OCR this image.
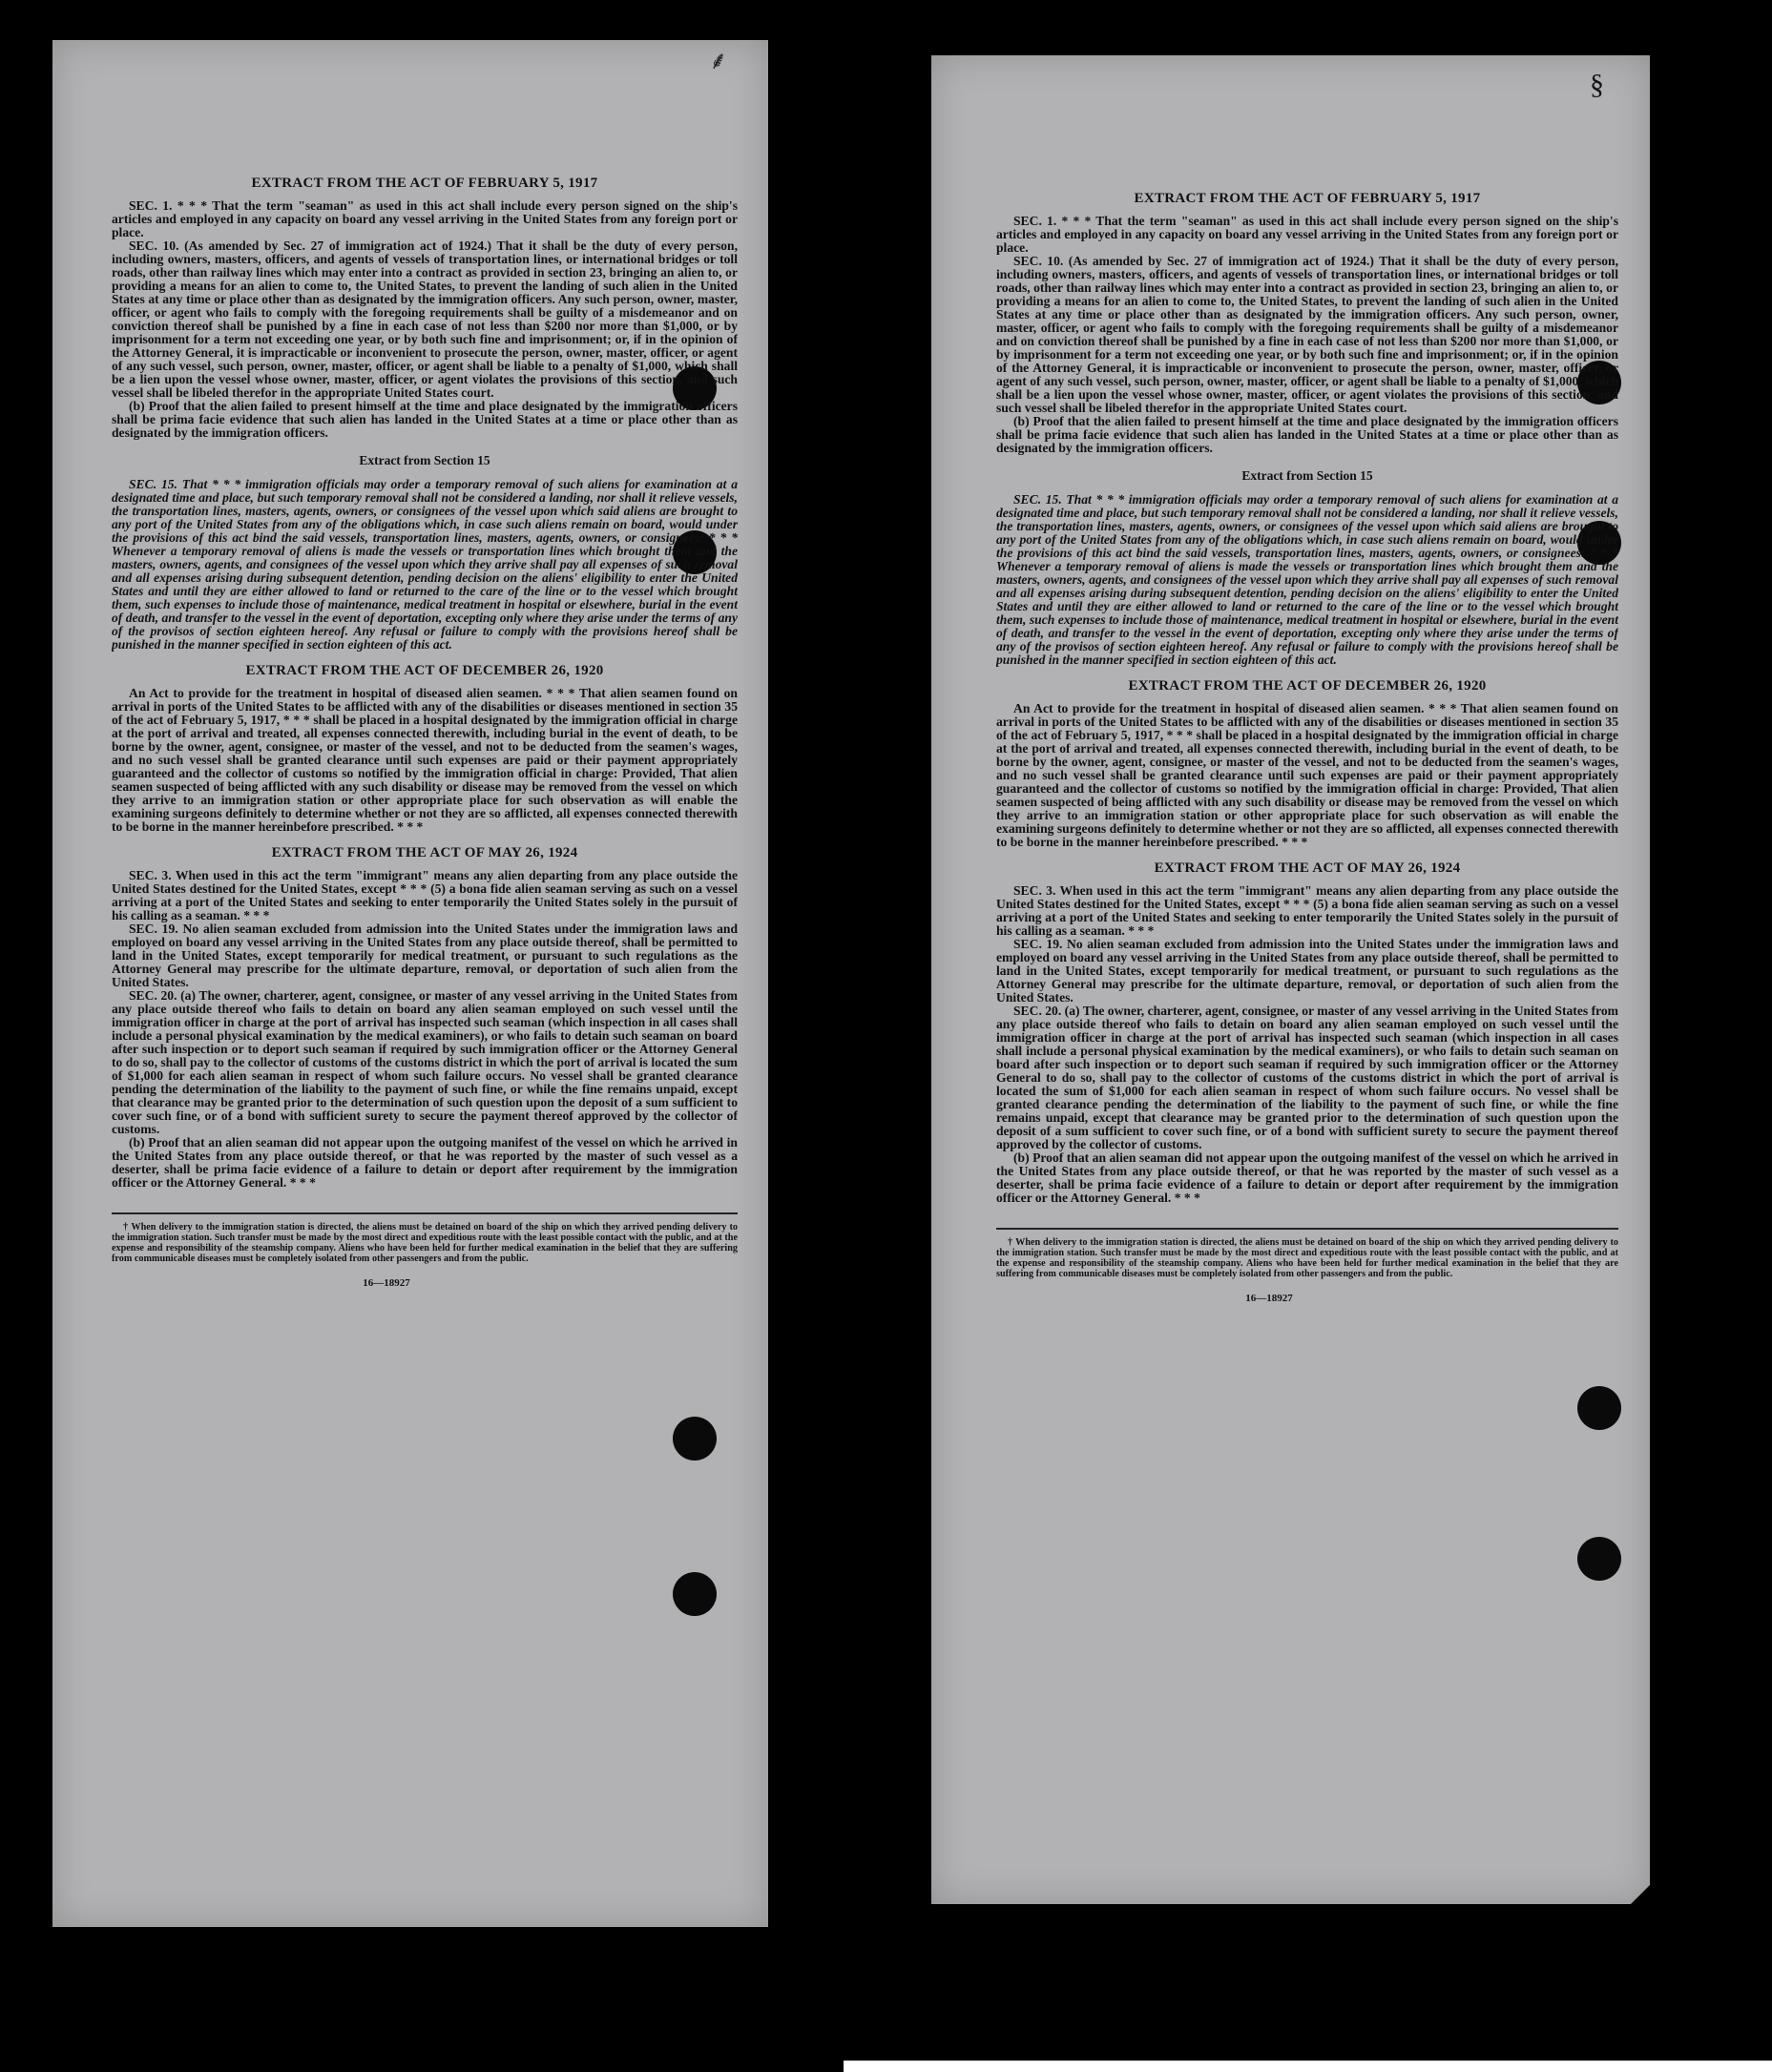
⸙
EXTRACT FROM THE ACT OF FEBRUARY 5, 1917

SEC. 1. * * * That the term "seaman" as used in this act shall include every person signed on the ship's articles and employed in any capacity on board any vessel arriving in the United States from any foreign port or place.

SEC. 10. (As amended by Sec. 27 of immigration act of 1924.) That it shall be the duty of every person, including owners, masters, officers, and agents of vessels of transportation lines, or international bridges or toll roads, other than railway lines which may enter into a contract as provided in section 23, bringing an alien to, or providing a means for an alien to come to, the United States, to prevent the landing of such alien in the United States at any time or place other than as designated by the immigration officers. Any such person, owner, master, officer, or agent who fails to comply with the foregoing requirements shall be guilty of a misdemeanor and on conviction thereof shall be punished by a fine in each case of not less than $200 nor more than $1,000, or by imprisonment for a term not exceeding one year, or by both such fine and imprisonment; or, if in the opinion of the Attorney General, it is impracticable or inconvenient to prosecute the person, owner, master, officer, or agent of any such vessel, such person, owner, master, officer, or agent shall be liable to a penalty of $1,000, which shall be a lien upon the vessel whose owner, master, officer, or agent violates the provisions of this section, and such vessel shall be libeled therefor in the appropriate United States court.

(b) Proof that the alien failed to present himself at the time and place designated by the immigration officers shall be prima facie evidence that such alien has landed in the United States at a time or place other than as designated by the immigration officers.

Extract from Section 15

SEC. 15. That * * * immigration officials may order a temporary removal of such aliens for examination at a designated time and place, but such temporary removal shall not be considered a landing, nor shall it relieve vessels, the transportation lines, masters, agents, owners, or consignees of the vessel upon which said aliens are brought to any port of the United States from any of the obligations which, in case such aliens remain on board, would under the provisions of this act bind the said vessels, transportation lines, masters, agents, owners, or consignees: * * * Whenever a temporary removal of aliens is made the vessels or transportation lines which brought them and the masters, owners, agents, and consignees of the vessel upon which they arrive shall pay all expenses of such removal and all expenses arising during subsequent detention, pending decision on the aliens' eligibility to enter the United States and until they are either allowed to land or returned to the care of the line or to the vessel which brought them, such expenses to include those of maintenance, medical treatment in hospital or elsewhere, burial in the event of death, and transfer to the vessel in the event of deportation, excepting only where they arise under the terms of any of the provisos of section eighteen hereof. Any refusal or failure to comply with the provisions hereof shall be punished in the manner specified in section eighteen of this act.

EXTRACT FROM THE ACT OF DECEMBER 26, 1920

An Act to provide for the treatment in hospital of diseased alien seamen. * * * That alien seamen found on arrival in ports of the United States to be afflicted with any of the disabilities or diseases mentioned in section 35 of the act of February 5, 1917, * * * shall be placed in a hospital designated by the immigration official in charge at the port of arrival and treated, all expenses connected therewith, including burial in the event of death, to be borne by the owner, agent, consignee, or master of the vessel, and not to be deducted from the seamen's wages, and no such vessel shall be granted clearance until such expenses are paid or their payment appropriately guaranteed and the collector of customs so notified by the immigration official in charge: Provided, That alien seamen suspected of being afflicted with any such disability or disease may be removed from the vessel on which they arrive to an immigration station or other appropriate place for such observation as will enable the examining surgeons definitely to determine whether or not they are so afflicted, all expenses connected therewith to be borne in the manner hereinbefore prescribed. * * *

EXTRACT FROM THE ACT OF MAY 26, 1924

SEC. 3. When used in this act the term "immigrant" means any alien departing from any place outside the United States destined for the United States, except * * * (5) a bona fide alien seaman serving as such on a vessel arriving at a port of the United States and seeking to enter temporarily the United States solely in the pursuit of his calling as a seaman. * * *

SEC. 19. No alien seaman excluded from admission into the United States under the immigration laws and employed on board any vessel arriving in the United States from any place outside thereof, shall be permitted to land in the United States, except temporarily for medical treatment, or pursuant to such regulations as the Attorney General may prescribe for the ultimate departure, removal, or deportation of such alien from the United States.

SEC. 20. (a) The owner, charterer, agent, consignee, or master of any vessel arriving in the United States from any place outside thereof who fails to detain on board any alien seaman employed on such vessel until the immigration officer in charge at the port of arrival has inspected such seaman (which inspection in all cases shall include a personal physical examination by the medical examiners), or who fails to detain such seaman on board after such inspection or to deport such seaman if required by such immigration officer or the Attorney General to do so, shall pay to the collector of customs of the customs district in which the port of arrival is located the sum of $1,000 for each alien seaman in respect of whom such failure occurs. No vessel shall be granted clearance pending the determination of the liability to the payment of such fine, or while the fine remains unpaid, except that clearance may be granted prior to the determination of such question upon the deposit of a sum sufficient to cover such fine, or of a bond with sufficient surety to secure the payment thereof approved by the collector of customs.

(b) Proof that an alien seaman did not appear upon the outgoing manifest of the vessel on which he arrived in the United States from any place outside thereof, or that he was reported by the master of such vessel as a deserter, shall be prima facie evidence of a failure to detain or deport after requirement by the immigration officer or the Attorney General. * * *

† When delivery to the immigration station is directed, the aliens must be detained on board of the ship on which they arrived pending delivery to the immigration station. Such transfer must be made by the most direct and expeditious route with the least possible contact with the public, and at the expense and responsibility of the steamship company. Aliens who have been held for further medical examination in the belief that they are suffering from communicable diseases must be completely isolated from other passengers and from the public.

16—18927
§
EXTRACT FROM THE ACT OF FEBRUARY 5, 1917

SEC. 1. * * * That the term "seaman" as used in this act shall include every person signed on the ship's articles and employed in any capacity on board any vessel arriving in the United States from any foreign port or place.

SEC. 10. (As amended by Sec. 27 of immigration act of 1924.) That it shall be the duty of every person, including owners, masters, officers, and agents of vessels of transportation lines, or international bridges or toll roads, other than railway lines which may enter into a contract as provided in section 23, bringing an alien to, or providing a means for an alien to come to, the United States, to prevent the landing of such alien in the United States at any time or place other than as designated by the immigration officers. Any such person, owner, master, officer, or agent who fails to comply with the foregoing requirements shall be guilty of a misdemeanor and on conviction thereof shall be punished by a fine in each case of not less than $200 nor more than $1,000, or by imprisonment for a term not exceeding one year, or by both such fine and imprisonment; or, if in the opinion of the Attorney General, it is impracticable or inconvenient to prosecute the person, owner, master, officer, or agent of any such vessel, such person, owner, master, officer, or agent shall be liable to a penalty of $1,000, which shall be a lien upon the vessel whose owner, master, officer, or agent violates the provisions of this section, and such vessel shall be libeled therefor in the appropriate United States court.

(b) Proof that the alien failed to present himself at the time and place designated by the immigration officers shall be prima facie evidence that such alien has landed in the United States at a time or place other than as designated by the immigration officers.

Extract from Section 15

SEC. 15. That * * * immigration officials may order a temporary removal of such aliens for examination at a designated time and place, but such temporary removal shall not be considered a landing, nor shall it relieve vessels, the transportation lines, masters, agents, owners, or consignees of the vessel upon which said aliens are brought to any port of the United States from any of the obligations which, in case such aliens remain on board, would under the provisions of this act bind the said vessels, transportation lines, masters, agents, owners, or consignees: * * * Whenever a temporary removal of aliens is made the vessels or transportation lines which brought them and the masters, owners, agents, and consignees of the vessel upon which they arrive shall pay all expenses of such removal and all expenses arising during subsequent detention, pending decision on the aliens' eligibility to enter the United States and until they are either allowed to land or returned to the care of the line or to the vessel which brought them, such expenses to include those of maintenance, medical treatment in hospital or elsewhere, burial in the event of death, and transfer to the vessel in the event of deportation, excepting only where they arise under the terms of any of the provisos of section eighteen hereof. Any refusal or failure to comply with the provisions hereof shall be punished in the manner specified in section eighteen of this act.

EXTRACT FROM THE ACT OF DECEMBER 26, 1920

An Act to provide for the treatment in hospital of diseased alien seamen. * * * That alien seamen found on arrival in ports of the United States to be afflicted with any of the disabilities or diseases mentioned in section 35 of the act of February 5, 1917, * * * shall be placed in a hospital designated by the immigration official in charge at the port of arrival and treated, all expenses connected therewith, including burial in the event of death, to be borne by the owner, agent, consignee, or master of the vessel, and not to be deducted from the seamen's wages, and no such vessel shall be granted clearance until such expenses are paid or their payment appropriately guaranteed and the collector of customs so notified by the immigration official in charge: Provided, That alien seamen suspected of being afflicted with any such disability or disease may be removed from the vessel on which they arrive to an immigration station or other appropriate place for such observation as will enable the examining surgeons definitely to determine whether or not they are so afflicted, all expenses connected therewith to be borne in the manner hereinbefore prescribed. * * *

EXTRACT FROM THE ACT OF MAY 26, 1924

SEC. 3. When used in this act the term "immigrant" means any alien departing from any place outside the United States destined for the United States, except * * * (5) a bona fide alien seaman serving as such on a vessel arriving at a port of the United States and seeking to enter temporarily the United States solely in the pursuit of his calling as a seaman. * * *

SEC. 19. No alien seaman excluded from admission into the United States under the immigration laws and employed on board any vessel arriving in the United States from any place outside thereof, shall be permitted to land in the United States, except temporarily for medical treatment, or pursuant to such regulations as the Attorney General may prescribe for the ultimate departure, removal, or deportation of such alien from the United States.

SEC. 20. (a) The owner, charterer, agent, consignee, or master of any vessel arriving in the United States from any place outside thereof who fails to detain on board any alien seaman employed on such vessel until the immigration officer in charge at the port of arrival has inspected such seaman (which inspection in all cases shall include a personal physical examination by the medical examiners), or who fails to detain such seaman on board after such inspection or to deport such seaman if required by such immigration officer or the Attorney General to do so, shall pay to the collector of customs of the customs district in which the port of arrival is located the sum of $1,000 for each alien seaman in respect of whom such failure occurs. No vessel shall be granted clearance pending the determination of the liability to the payment of such fine, or while the fine remains unpaid, except that clearance may be granted prior to the determination of such question upon the deposit of a sum sufficient to cover such fine, or of a bond with sufficient surety to secure the payment thereof approved by the collector of customs.

(b) Proof that an alien seaman did not appear upon the outgoing manifest of the vessel on which he arrived in the United States from any place outside thereof, or that he was reported by the master of such vessel as a deserter, shall be prima facie evidence of a failure to detain or deport after requirement by the immigration officer or the Attorney General. * * *

† When delivery to the immigration station is directed, the aliens must be detained on board of the ship on which they arrived pending delivery to the immigration station. Such transfer must be made by the most direct and expeditious route with the least possible contact with the public, and at the expense and responsibility of the steamship company. Aliens who have been held for further medical examination in the belief that they are suffering from communicable diseases must be completely isolated from other passengers and from the public.

16—18927
